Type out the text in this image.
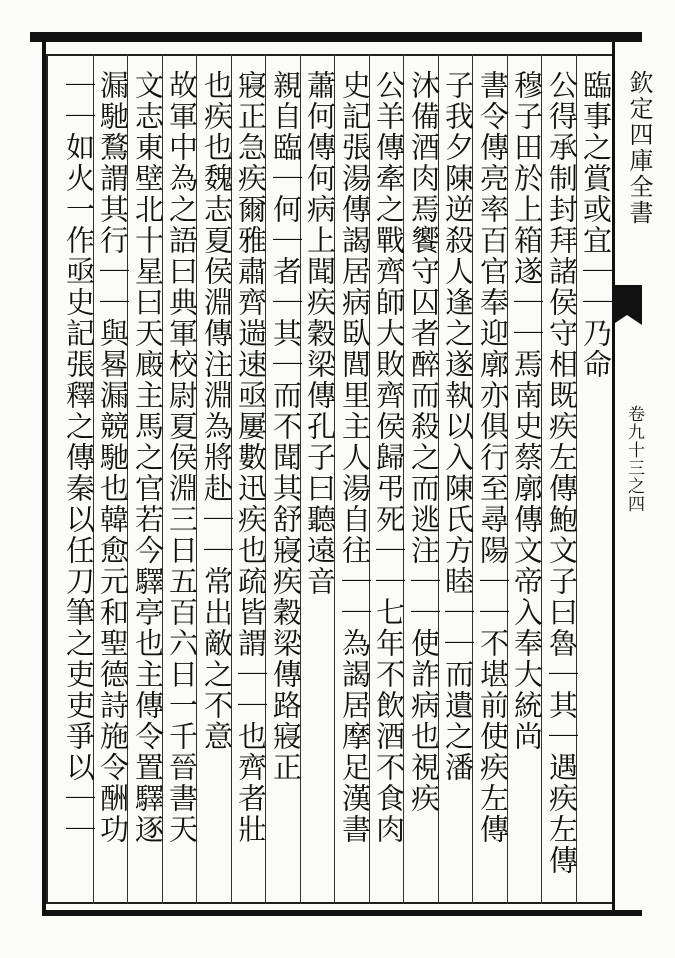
欽定四庫全書
卷九十三之四
臨事之賞或宜｜｜乃命
公得承制封拜諸侯守相既疾左傳鮑文子曰魯｜其｜遇疾左傳
穆子田於上箱遂｜｜焉南史蔡廓傳文帝入奉大統尚
書令傳亮率百官奉迎廓亦俱行至尋陽｜｜不堪前使疾左傳
子我夕陳逆殺人逢之遂執以入陳氏方睦｜｜而遺之潘
沐備酒肉焉饗守囚者醉而殺之而逃注｜｜使詐病也視疾
公羊傳牽之戰齊師大敗齊侯歸弔死｜｜七年不飲酒不食肉
史記張湯傳謁居病臥閭里主人湯自往｜｜為謁居摩足漢書
蕭何傳何病上聞疾穀梁傳孔子曰聽遠音
親自臨｜何｜者｜其｜而不聞其舒寢疾穀梁傳路寢正
寢正急疾爾雅肅齊遄速亟屢數迅疾也疏皆謂｜｜也齊者壯
也疾也魏志夏侯淵傳注淵為將赴｜｜常出敵之不意
故軍中為之語曰典軍校尉夏侯淵三日五百六日一千晉書天
文志東壁北十星曰天廄主馬之官若今驛亭也主傳令置驛逐
漏馳鶩謂其行｜｜與晷漏競馳也韓愈元和聖德詩施令酬功
｜｜如火一作亟史記張釋之傳秦以任刀筆之吏吏爭以｜｜
